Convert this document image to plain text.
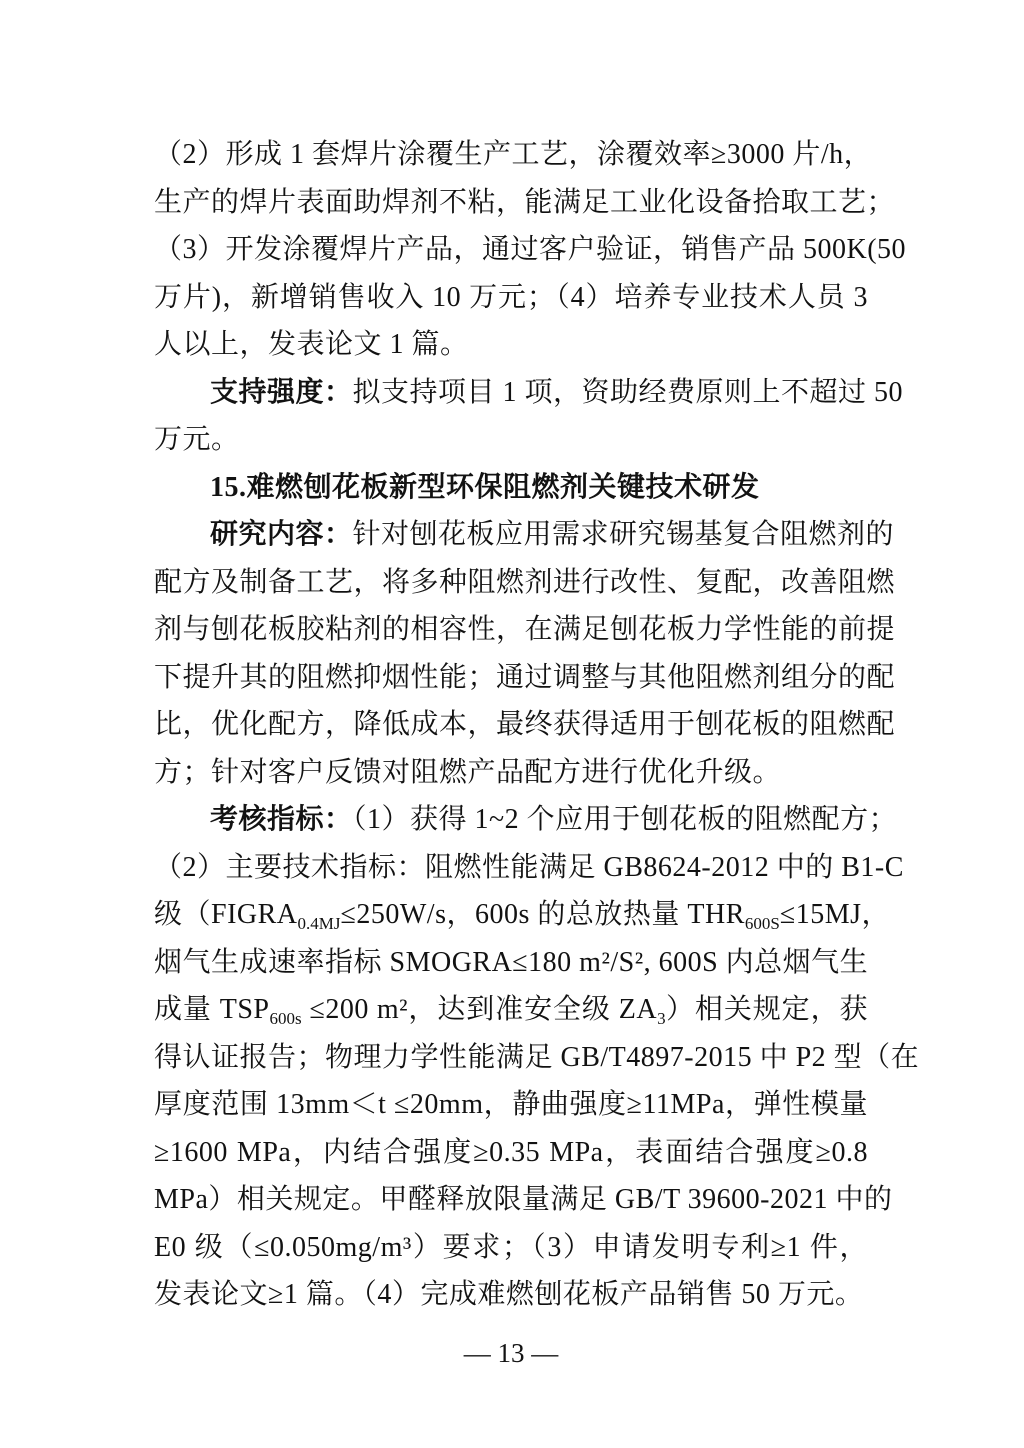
（2）形成 1 套焊片涂覆生产工艺，涂覆效率≥3000 片/h，
生产的焊片表面助焊剂不粘，能满足工业化设备拾取工艺；
（3）开发涂覆焊片产品，通过客户验证，销售产品 500K(50
万片)，新增销售收入 10 万元；（4）培养专业技术人员 3
人以上，发表论文 1 篇。
支持强度：拟支持项目 1 项，资助经费原则上不超过 50
万元。
15.难燃刨花板新型环保阻燃剂关键技术研发
研究内容：针对刨花板应用需求研究锡基复合阻燃剂的
配方及制备工艺，将多种阻燃剂进行改性、复配，改善阻燃
剂与刨花板胶粘剂的相容性，在满足刨花板力学性能的前提
下提升其的阻燃抑烟性能；通过调整与其他阻燃剂组分的配
比，优化配方，降低成本，最终获得适用于刨花板的阻燃配
方；针对客户反馈对阻燃产品配方进行优化升级。
考核指标：（1）获得 1~2 个应用于刨花板的阻燃配方；
（2）主要技术指标：阻燃性能满足 GB8624-2012 中的 B1-C
级（$FIGRA_{0.4MJ}\le 250W/s$，600s 的总放热量 $THR_{600S}\le 15MJ$，
烟气生成速率指标 SMOGRA≤180 m²/S², 600S 内总烟气生
成量 $TSP_{600s} \le 200$ m²，达到准安全级 $ZA_3$）相关规定，获
得认证报告；物理力学性能满足 GB/T4897-2015 中 P2 型（在
厚度范围 13mm＜t ≤20mm，静曲强度≥11MPa，弹性模量
≥1600 MPa，内结合强度≥0.35 MPa，表面结合强度≥0.8
MPa）相关规定。甲醛释放限量满足 GB/T 39600-2021 中的
E0 级（≤0.050mg/m³）要求；（3）申请发明专利≥1 件，
发表论文≥1 篇。（4）完成难燃刨花板产品销售 50 万元。
— 13 —
